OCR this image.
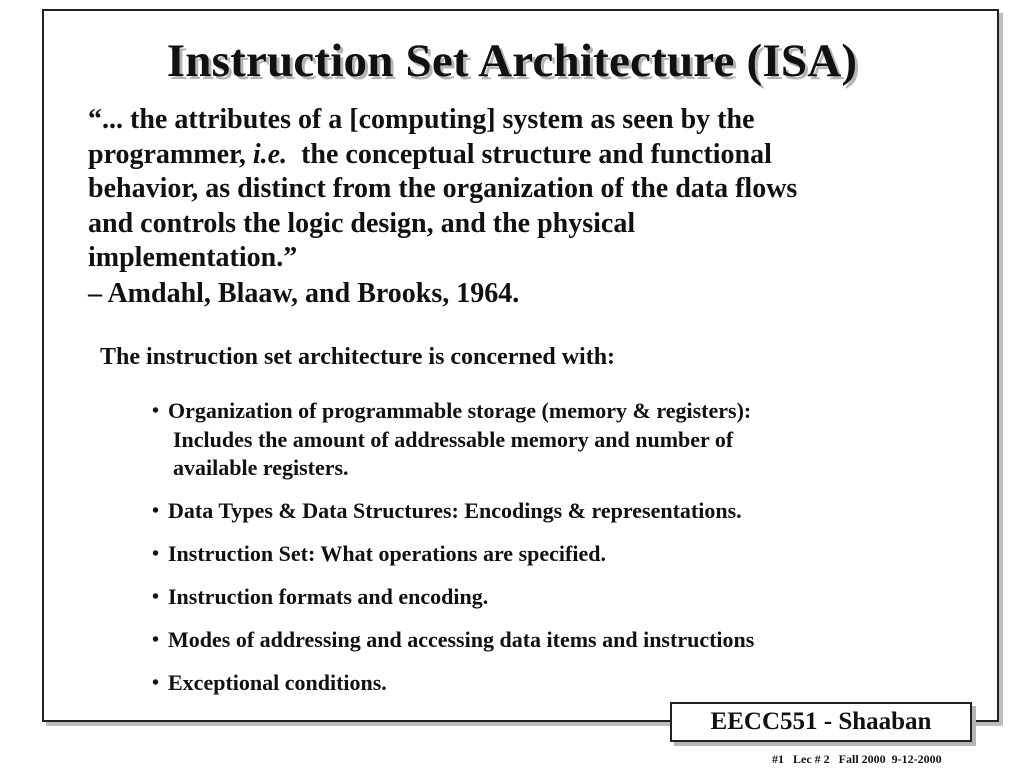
Instruction Set Architecture (ISA)

“... the attributes of a [computing] system as seen by the

programmer, i.e. the conceptual structure and functional

behavior, as distinct from the organization of the data flows

and controls the logic design, and the physical

implementation.”

– Amdahl, Blaaw, and Brooks, 1964.

The instruction set architecture is concerned with:
• Organization of programmable storage (memory & registers):
Includes the amount of addressable memory and number of
available registers.
• Data Types & Data Structures: Encodings & representations.
• Instruction Set: What operations are specified.
• Instruction formats and encoding.
• Modes of addressing and accessing data items and instructions
• Exceptional conditions.
EECC551 - Shaaban
#1   Lec # 2   Fall 2000  9-12-2000
